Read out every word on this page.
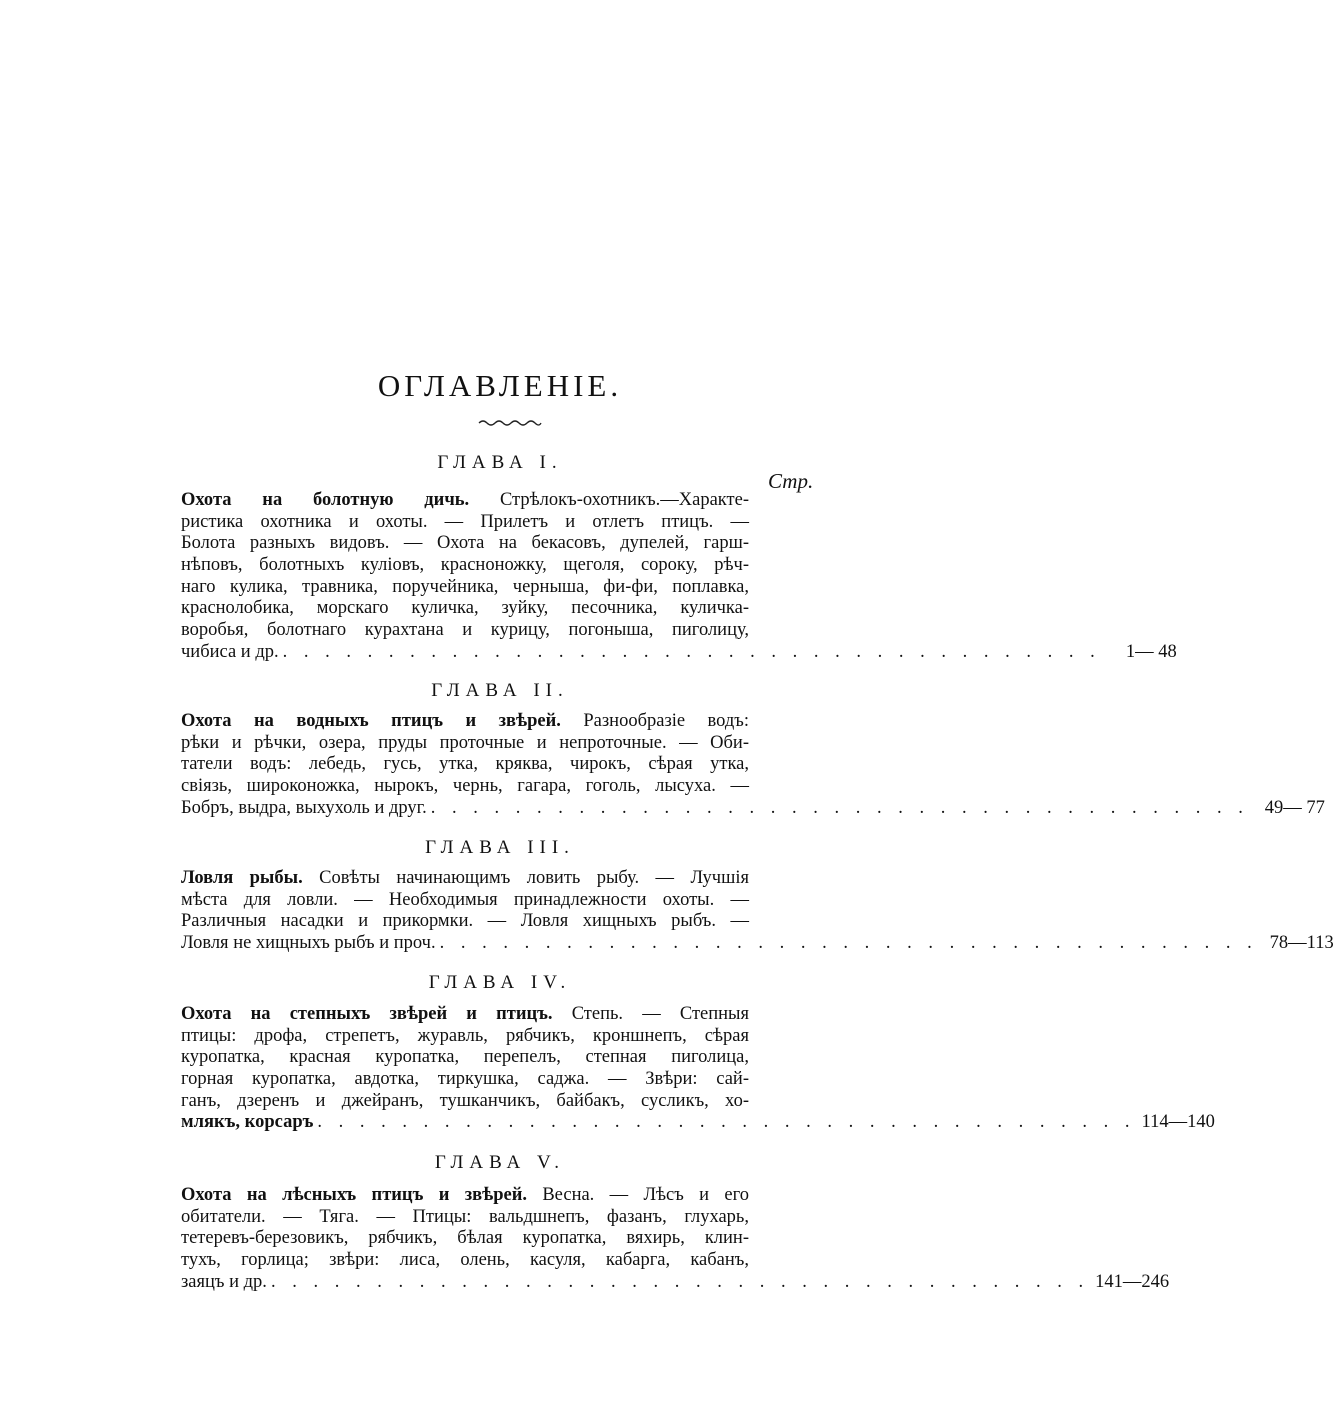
ОГЛАВЛЕНІЕ.
Стр.
ГЛАВА I.
Охота на болотную дичь. Стрѣлокъ-охотникъ.—Характе-
ристика охотника и охоты. — Прилетъ и отлетъ птицъ. —
Болота разныхъ видовъ. — Охота на бекасовъ, дупелей, гарш-
нѣповъ, болотныхъ куліовъ, красноножку, щеголя, сороку, рѣч-
наго кулика, травника, поручейника, черныша, фи-фи, поплавка,
краснолобика, морскаго куличка, зуйку, песочника, куличка-
воробья, болотнаго курахтана и курицу, погоныша, пиголицу,
чибиса и др. . . . . . . . . . . . . . . . . . . . . . . . . . . . . . . . . . . . . . . .	1— 48
ГЛАВА II.
Охота на водныхъ птицъ и звѣрей. Разнообразіе водъ:
рѣки и рѣчки, озера, пруды проточные и непроточные. — Оби-
татели водъ: лебедь, гусь, утка, кряква, чирокъ, сѣрая утка,
свіязь, широконожка, нырокъ, чернь, гагара, гоголь, лысуха. —
Бобръ, выдра, выхухоль и друг. . . . . . . . . . . . . . . . . . . . . . . . . . . . . . . . . . . . . . . . 49— 77
ГЛАВА III.
Ловля рыбы. Совѣты начинающимъ ловить рыбу. — Лучшія
мѣста для ловли. — Необходимыя принадлежности охоты. —
Различныя насадки и прикормки. — Ловля хищныхъ рыбъ. —
Ловля не хищныхъ рыбъ и проч. . . . . . . . . . . . . . . . . . . . . . . . . . . . . . . . . . . . . . . . 78—113
ГЛАВА IV.
Охота на степныхъ звѣрей и птицъ. Степь. — Степныя
птицы: дрофа, стрепетъ, журавль, рябчикъ, кроншнепъ, сѣрая
куропатка, красная куропатка, перепелъ, степная пиголица,
горная куропатка, авдотка, тиркушка, саджа. — Звѣри: сай-
ганъ, дзеренъ и джейранъ, тушканчикъ, байбакъ, сусликъ, хо-
млякъ, корсаръ . . . . . . . . . . . . . . . . . . . . . . . . . . . . . . . . . . . . . . . 114—140
ГЛАВА V.
Охота на лѣсныхъ птицъ и звѣрей. Весна. — Лѣсъ и его
обитатели. — Тяга. — Птицы: вальдшнепъ, фазанъ, глухарь,
тетеревъ-березовикъ, рябчикъ, бѣлая куропатка, вяхирь, клин-
тухъ, горлица; звѣри: лиса, олень, касуля, кабарга, кабанъ,
заяцъ и др. . . . . . . . . . . . . . . . . . . . . . . . . . . . . . . . . . . . . . . . 141—246
